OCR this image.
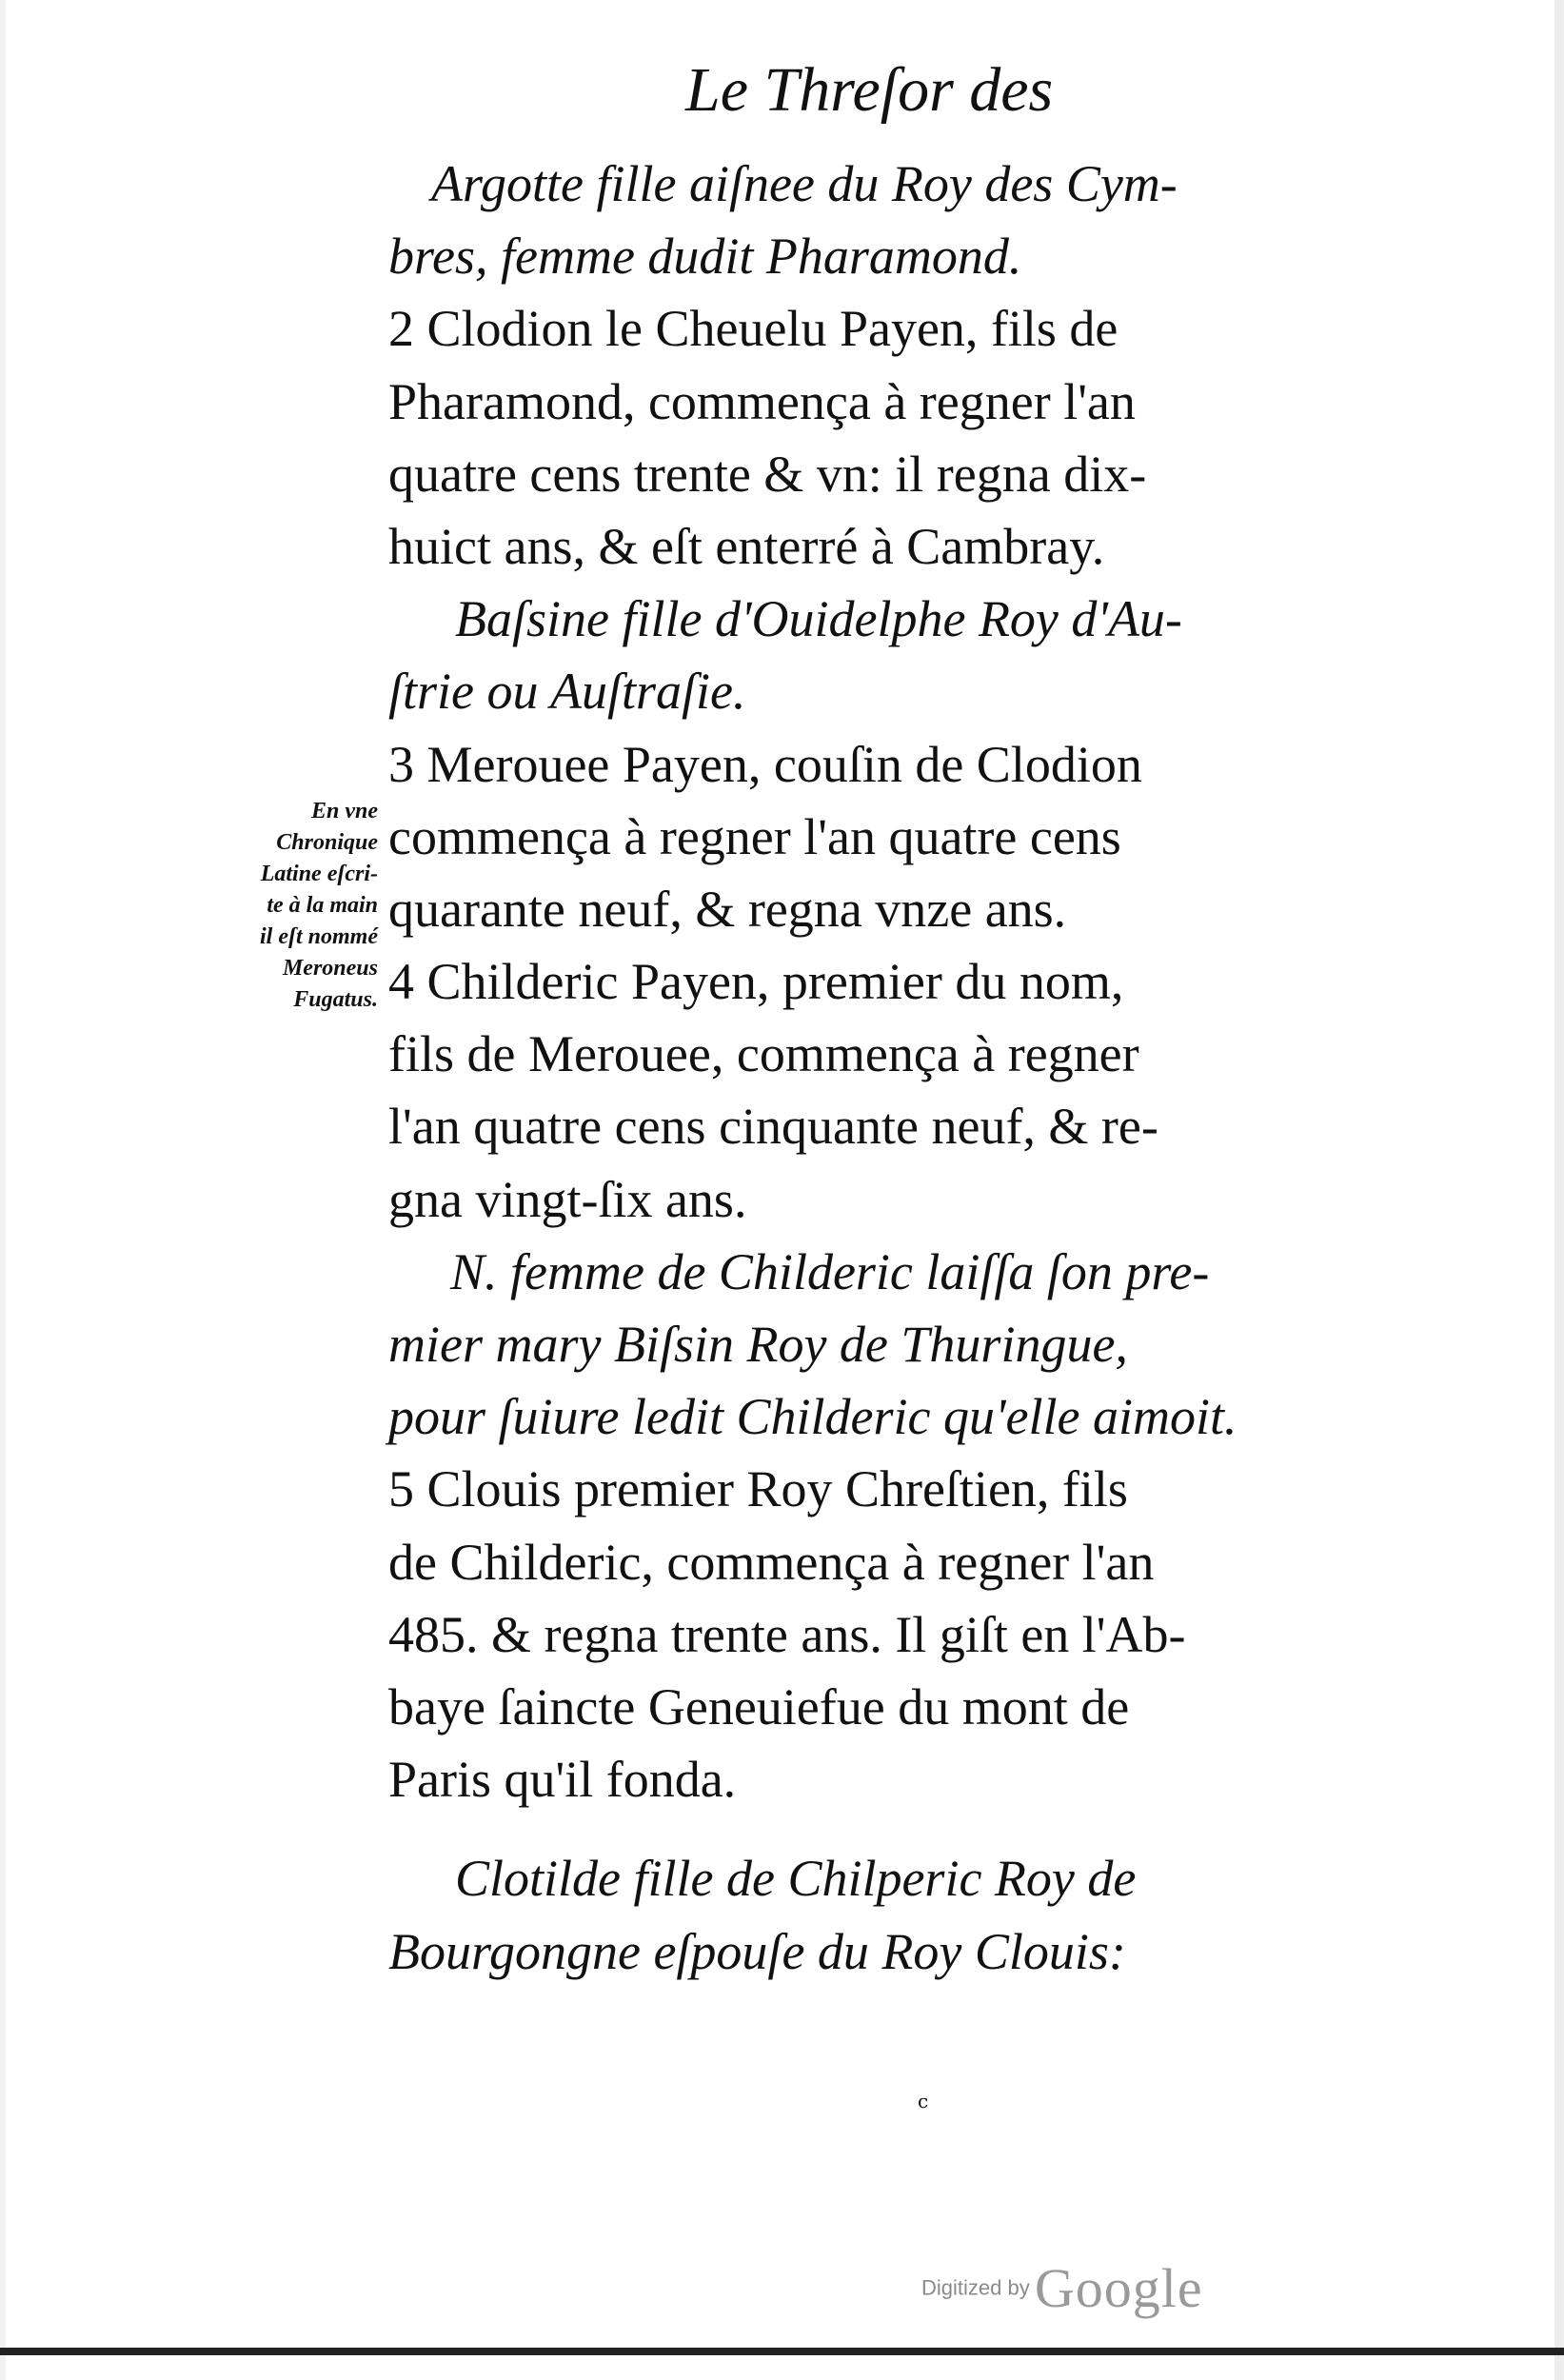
Le Threſor des
Argotte fille aiſnee du Roy des Cym-
bres, femme dudit Pharamond.
2 Clodion le Cheuelu Payen, fils de
Pharamond, commença à regner l'an
quatre cens trente & vn: il regna dix-
huict ans, & eſt enterré à Cambray.
Baſsine fille d'Ouidelphe Roy d'Au-
ſtrie ou Auſtraſie.
3 Merouee Payen, couſin de Clodion
commença à regner l'an quatre cens
quarante neuf, & regna vnze ans.
4 Childeric Payen, premier du nom,
fils de Merouee, commença à regner
l'an quatre cens cinquante neuf, & re-
gna vingt-ſix ans.
N. femme de Childeric laiſſa ſon pre-
mier mary Biſsin Roy de Thuringue,
pour ſuiure ledit Childeric qu'elle aimoit.
5 Clouis premier Roy Chreſtien, fils
de Childeric, commença à regner l'an
485. & regna trente ans. Il giſt en l'Ab-
baye ſaincte Geneuiefue du mont de
Paris qu'il fonda.
Clotilde fille de Chilperic Roy de
Bourgongne eſpouſe du Roy Clouis:
En vne
Chronique
Latine eſcri-
te à la main
il eſt nommé
Meroneus
Fugatus.
c
Digitized by Google
